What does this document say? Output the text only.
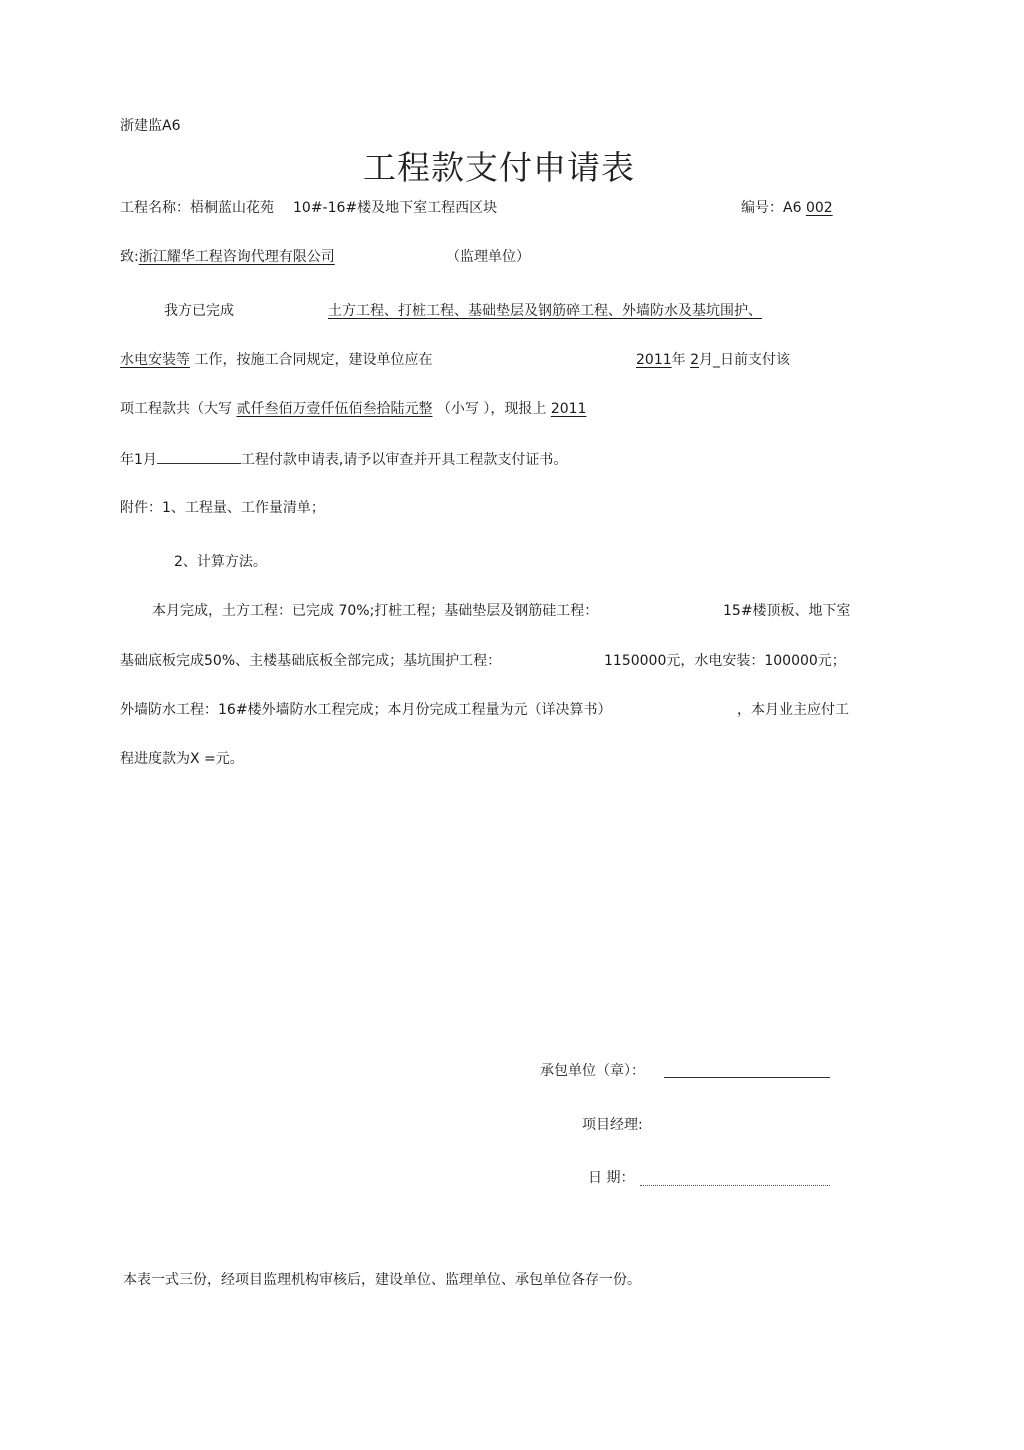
浙建监A6
工程款支付申请表
工程名称：梧桐蓝山花苑 10#-16#楼及地下室工程西区块	编号：A6 002
致:浙江耀华工程咨询代理有限公司	（监理单位）
我方已完成	土方工程、打桩工程、基础垫层及钢筋碎工程、外墙防水及基坑围护、
水电安装等 工作，按施工合同规定，建设单位应在	2011年 2月_日前支付该
项工程款共（大写 贰仟叁佰万壹仟伍佰叁拾陆元整 （小写 ），现报上 2011
年1月	工程付款申请表,请予以审查并开具工程款支付证书。
附件：1、工程量、工作量清单；
2、计算方法。
本月完成，土方工程：已完成 70%;打桩工程；基础垫层及钢筋硅工程：	15#楼顶板、地下室
基础底板完成50%、主楼基础底板全部完成；基坑围护工程：	1150000元，水电安装：100000元；
外墙防水工程：16#楼外墙防水工程完成；本月份完成工程量为元（详决算书）	，本月业主应付工
程进度款为X =元。
承包单位（章）：
项目经理:
日 期：
本表一式三份，经项目监理机构审核后，建设单位、监理单位、承包单位各存一份。
